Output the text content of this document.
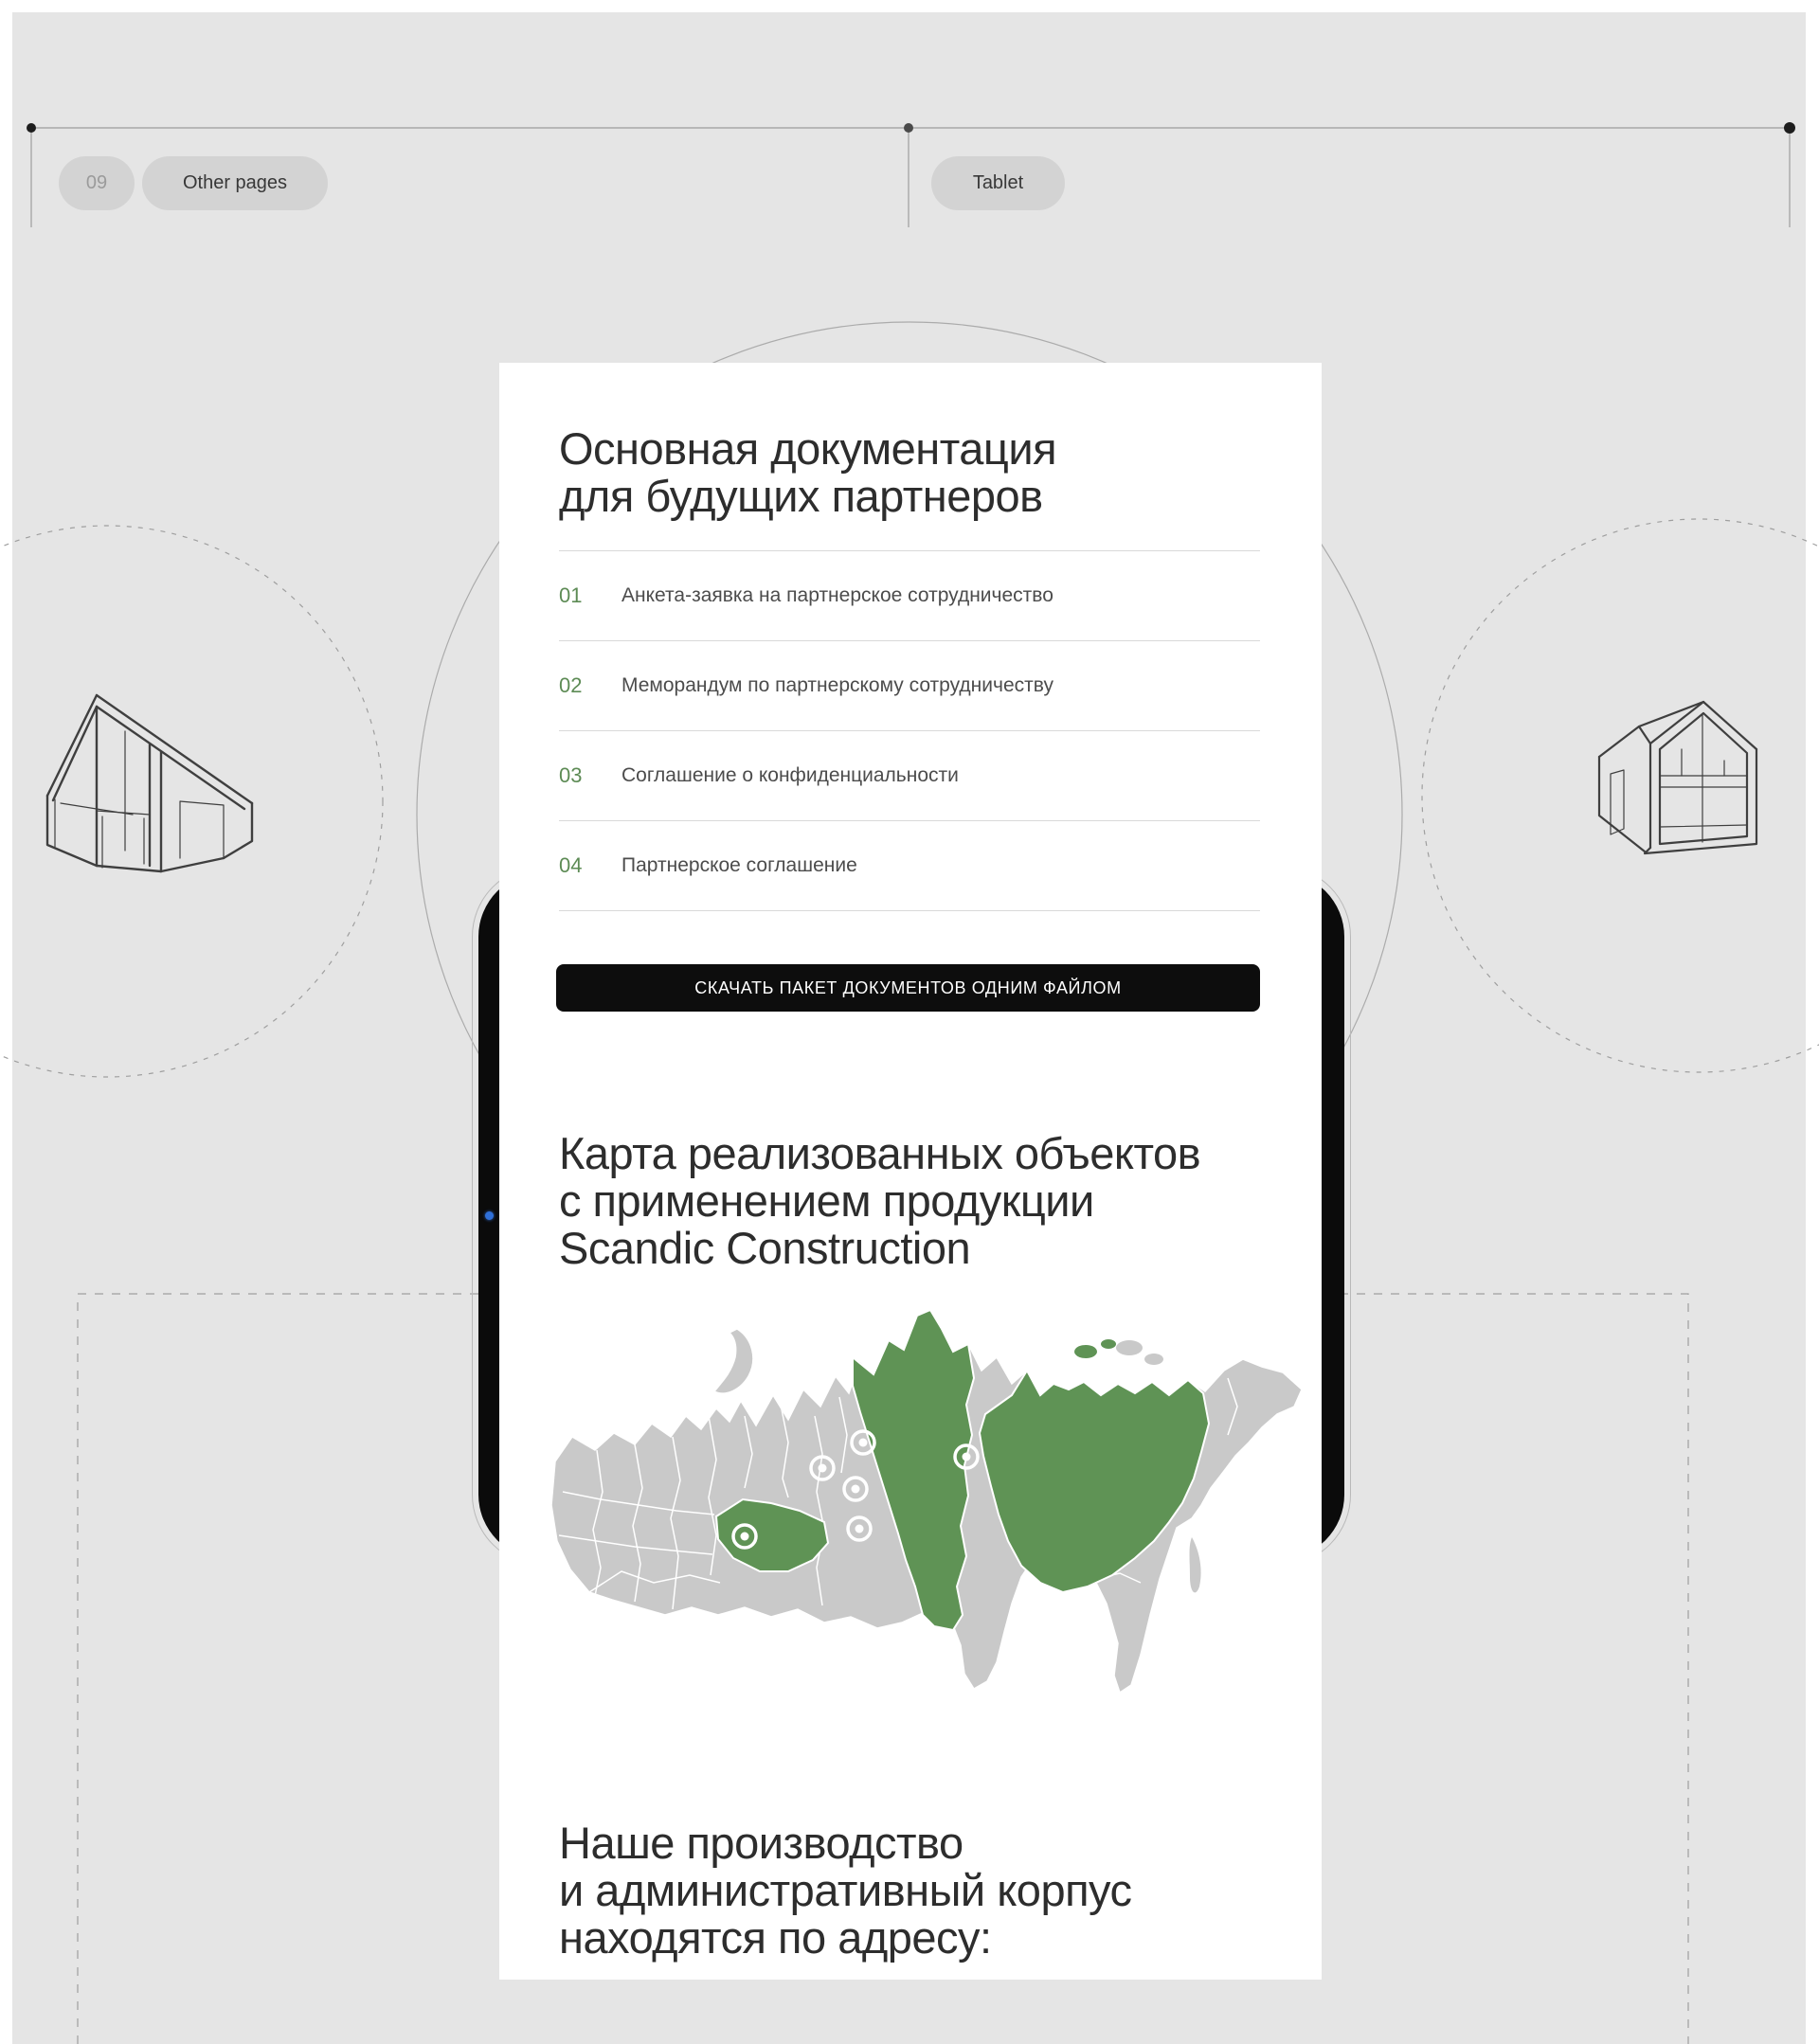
09	Other pages	Tablet
Основная документация
для будущих партнеров
01	Анкета-заявка на партнерское сотрудничество
02	Меморандум по партнерскому сотрудничеству
03	Соглашение о конфиденциальности
04	Партнерское соглашение
СКАЧАТЬ ПАКЕТ ДОКУМЕНТОВ ОДНИМ ФАЙЛОМ
Карта реализованных объектов
с применением продукции
Scandic Construction
Наше производство
и административный корпус
находятся по адресу:
